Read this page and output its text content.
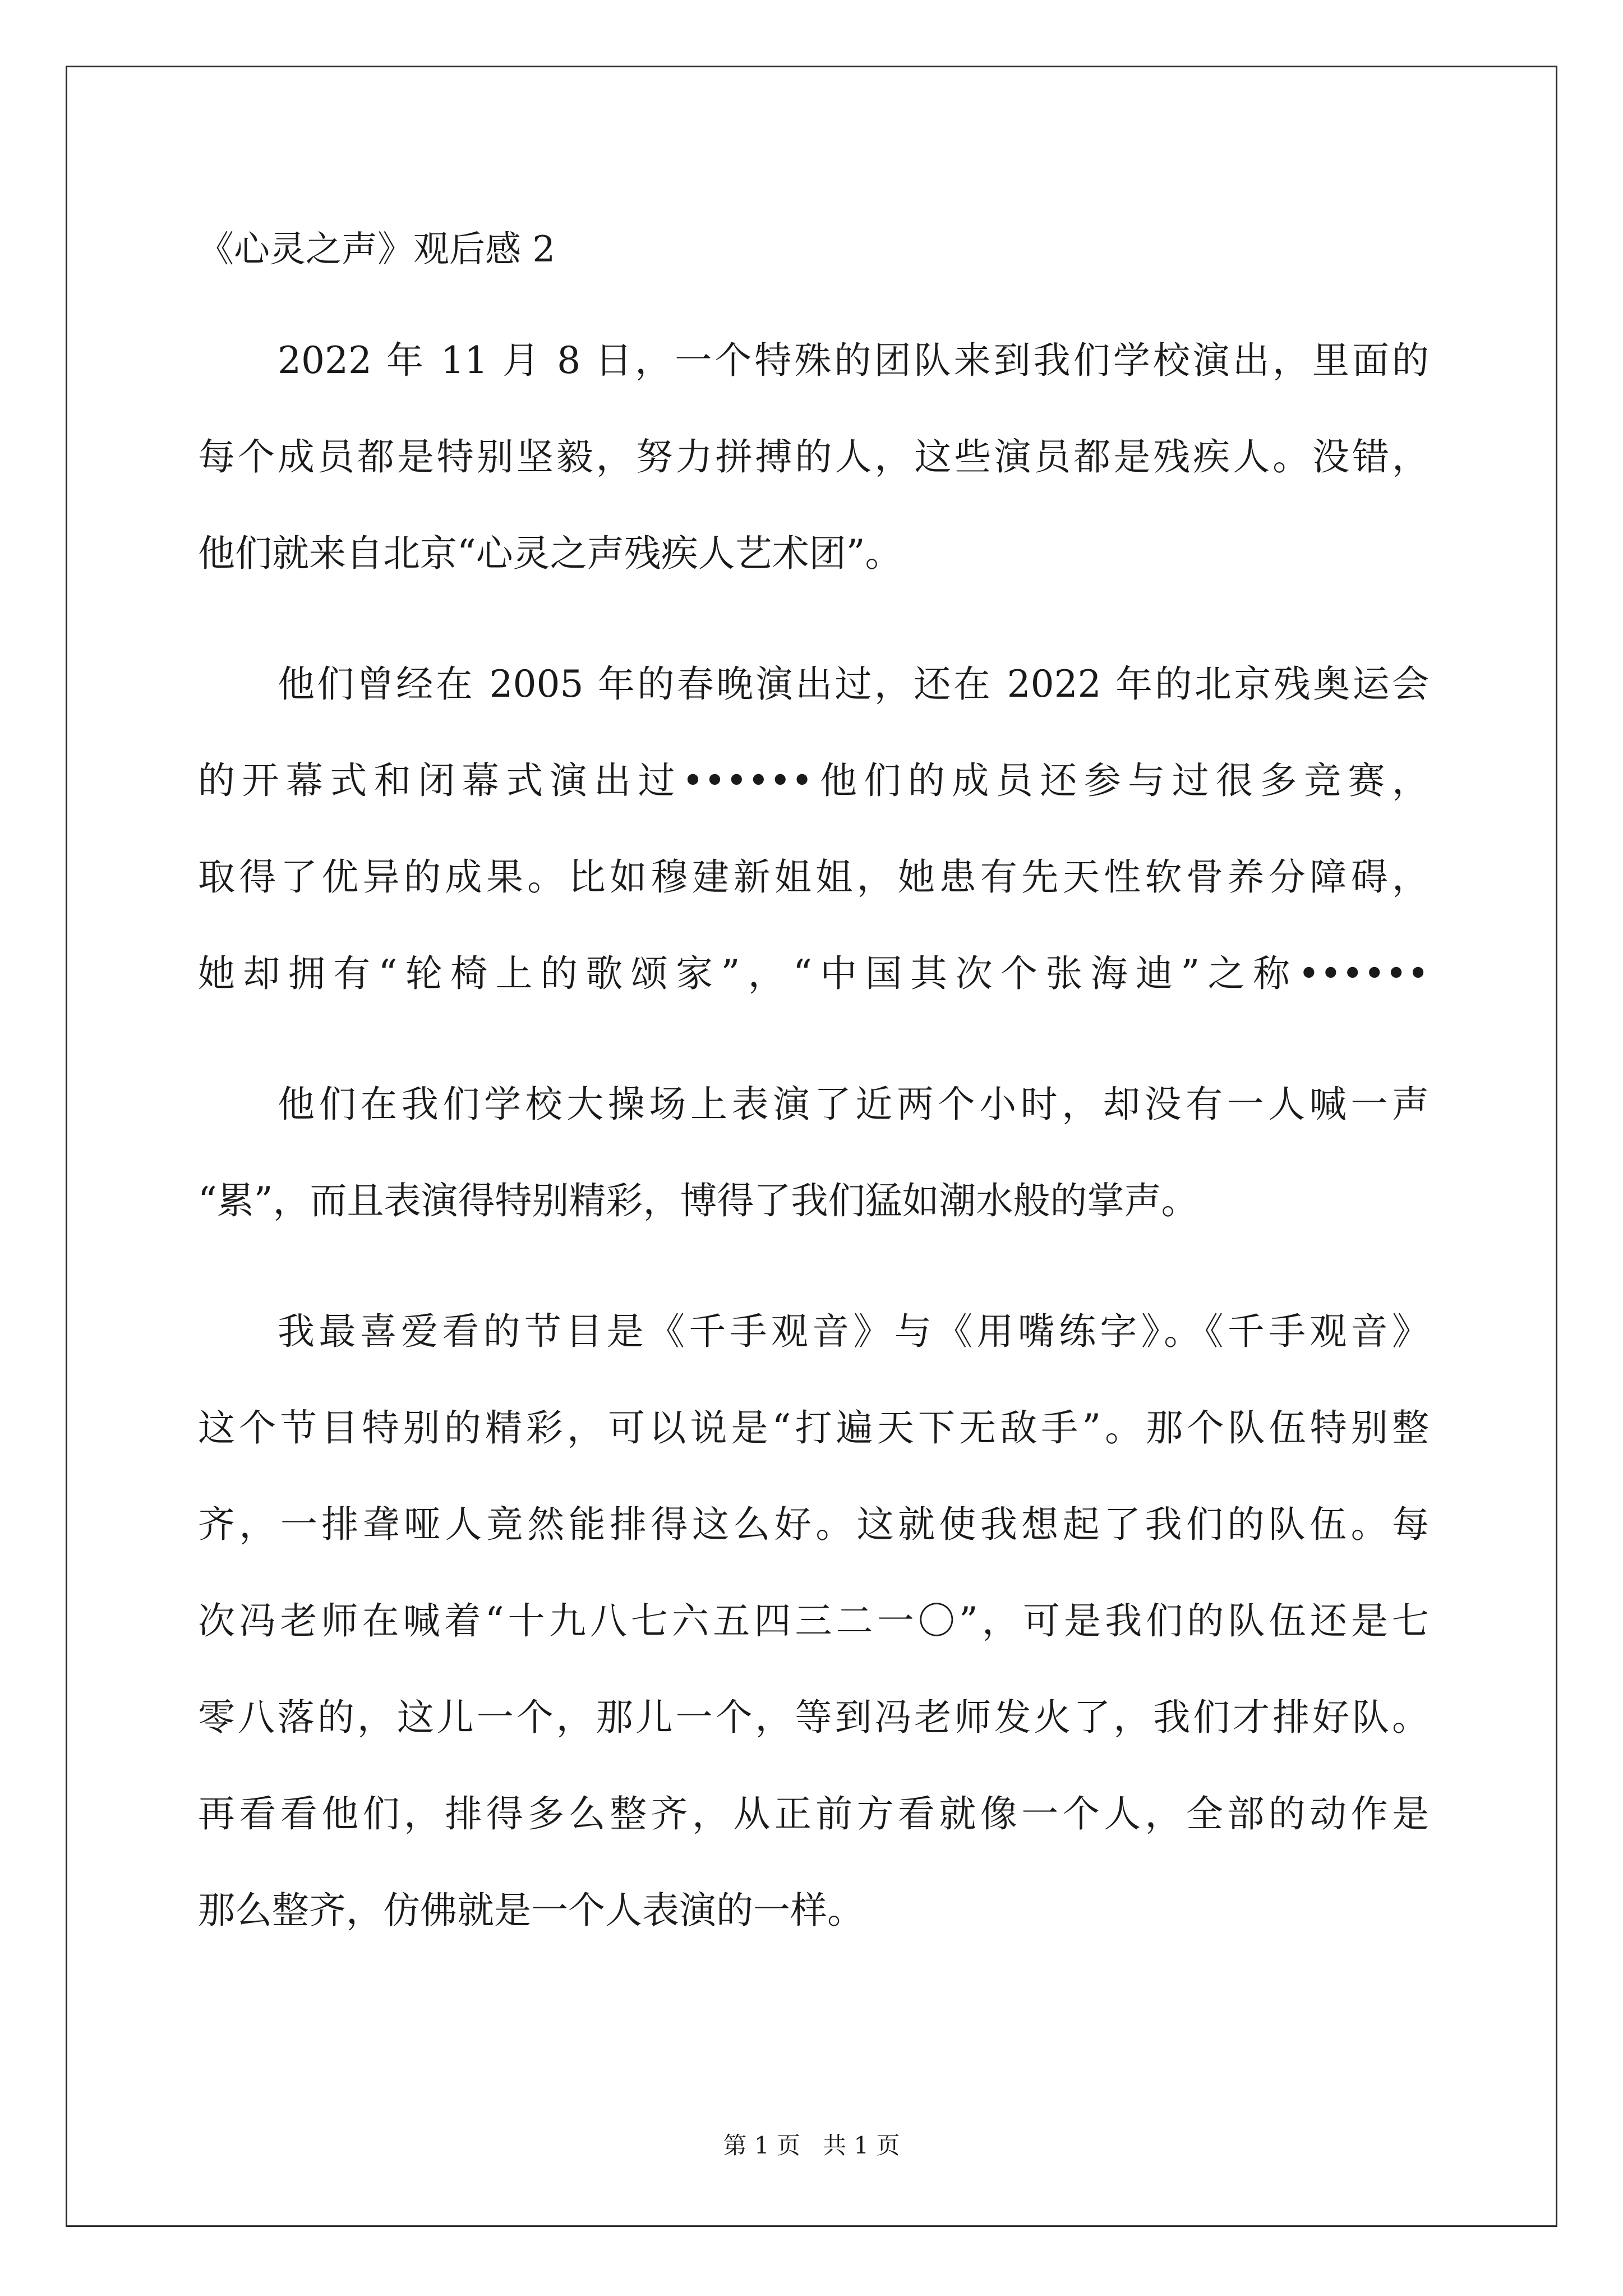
《心灵之声》观后感 2

2022 年 11 月 8 日，一个特殊的团队来到我们学校演出，里面的

每个成员都是特别坚毅，努力拼搏的人，这些演员都是残疾人。没错，

他们就来自北京“心灵之声残疾人艺术团”。

他们曾经在 2005 年的春晚演出过，还在 2022 年的北京残奥运会

的开幕式和闭幕式演出过••••••他们的成员还参与过很多竞赛，

取得了优异的成果。比如穆建新姐姐，她患有先天性软骨养分障碍，

她却拥有“轮椅上的歌颂家”，“中国其次个张海迪”之称••••••

他们在我们学校大操场上表演了近两个小时，却没有一人喊一声

“累”，而且表演得特别精彩，博得了我们猛如潮水般的掌声。

我最喜爱看的节目是《千手观音》与《用嘴练字》。《千手观音》

这个节目特别的精彩，可以说是“打遍天下无敌手”。那个队伍特别整

齐，一排聋哑人竟然能排得这么好。这就使我想起了我们的队伍。每

次冯老师在喊着“十九八七六五四三二一〇”，可是我们的队伍还是七

零八落的，这儿一个，那儿一个，等到冯老师发火了，我们才排好队。

再看看他们，排得多么整齐，从正前方看就像一个人，全部的动作是

那么整齐，仿佛就是一个人表演的一样。

第 1 页   共 1 页
